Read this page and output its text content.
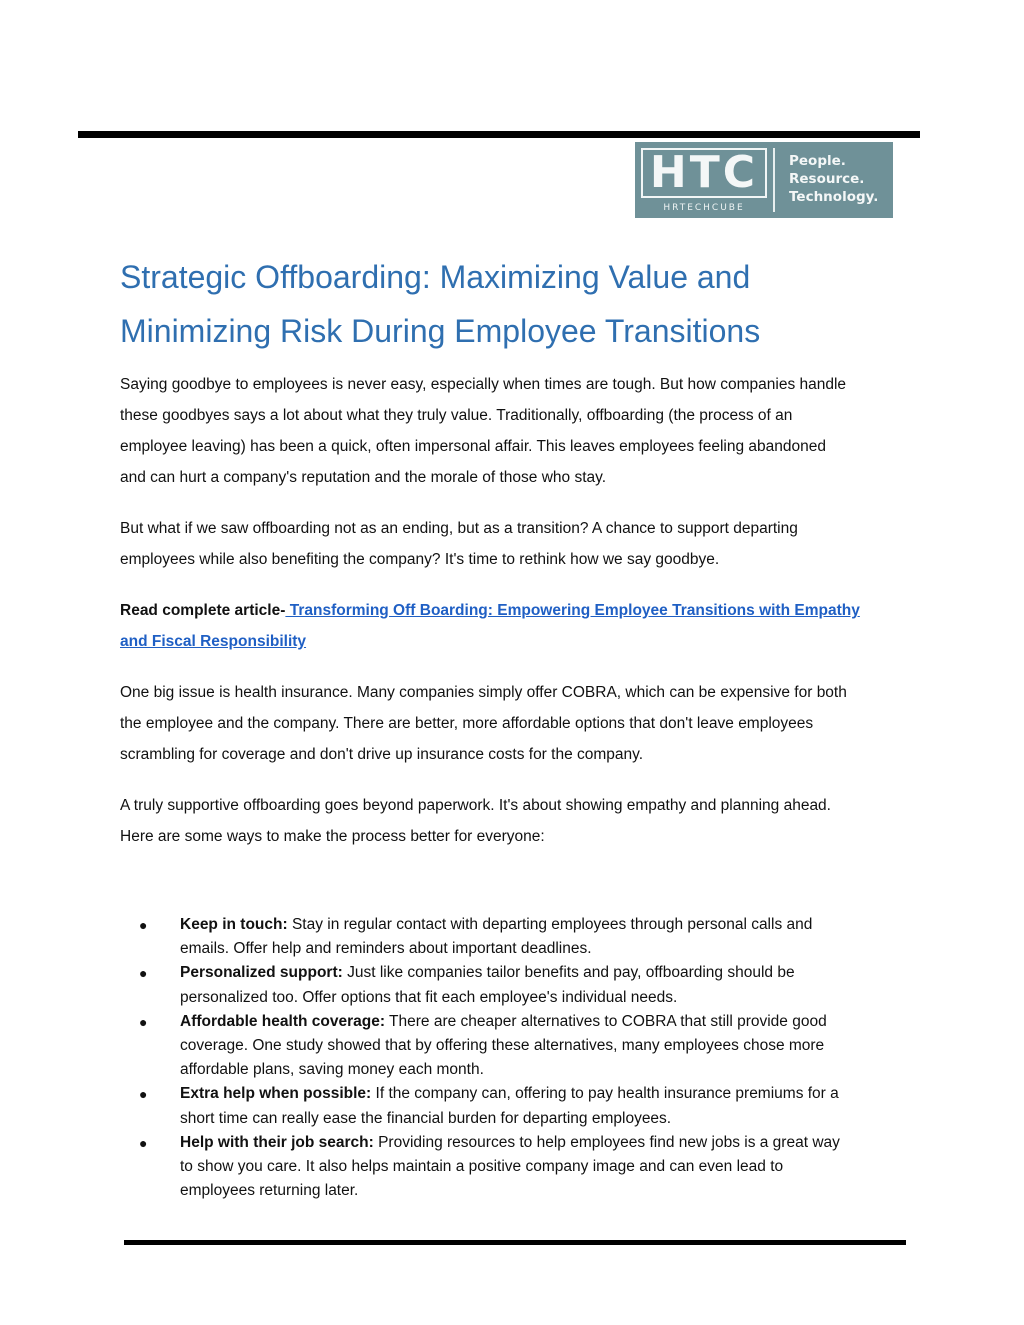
HTC
HRTECHCUBE
People.
Resource.
Technology.
Strategic Offboarding: Maximizing Value and
Minimizing Risk During Employee Transitions

Saying goodbye to employees is never easy, especially when times are tough. But how companies handle
these goodbyes says a lot about what they truly value. Traditionally, offboarding (the process of an
employee leaving) has been a quick, often impersonal affair. This leaves employees feeling abandoned
and can hurt a company's reputation and the morale of those who stay.

But what if we saw offboarding not as an ending, but as a transition? A chance to support departing
employees while also benefiting the company? It's time to rethink how we say goodbye.

Read complete article- Transforming Off Boarding: Empowering Employee Transitions with Empathy
and Fiscal Responsibility

One big issue is health insurance. Many companies simply offer COBRA, which can be expensive for both
the employee and the company. There are better, more affordable options that don't leave employees
scrambling for coverage and don't drive up insurance costs for the company.

A truly supportive offboarding goes beyond paperwork. It's about showing empathy and planning ahead.
Here are some ways to make the process better for everyone:

● Keep in touch: Stay in regular contact with departing employees through personal calls and
emails. Offer help and reminders about important deadlines.
● Personalized support: Just like companies tailor benefits and pay, offboarding should be
personalized too. Offer options that fit each employee's individual needs.
● Affordable health coverage: There are cheaper alternatives to COBRA that still provide good
coverage. One study showed that by offering these alternatives, many employees chose more
affordable plans, saving money each month.
● Extra help when possible: If the company can, offering to pay health insurance premiums for a
short time can really ease the financial burden for departing employees.
● Help with their job search: Providing resources to help employees find new jobs is a great way
to show you care. It also helps maintain a positive company image and can even lead to
employees returning later.
